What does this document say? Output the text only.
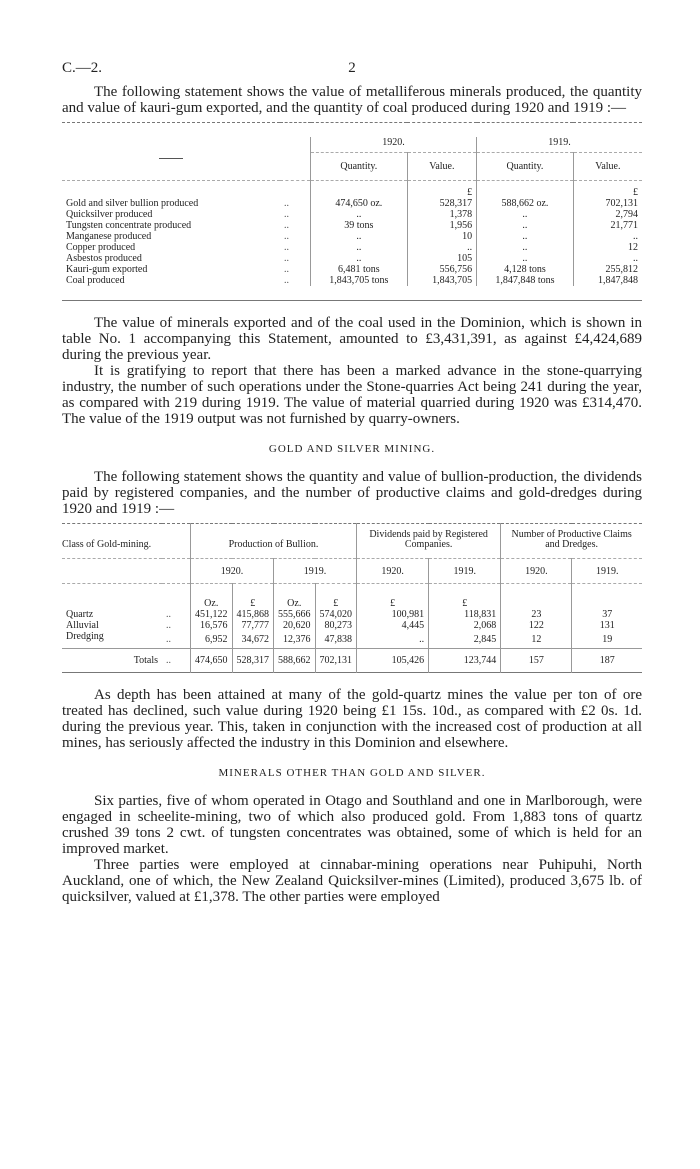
C.—2.	2

The following statement shows the value of metalliferous minerals produced, the quantity and value of kauri-gum exported, and the quantity of coal produced during 1920 and 1919 :—

		1920.		1919.	
		Quantity.	Value.	Quantity.	Value.
			£		£
Gold and silver bullion produced	..	474,650 oz.	528,317	588,662 oz.	702,131
Quicksilver produced	..	..	1,378	..	2,794
Tungsten concentrate produced	..	39 tons	1,956	..	21,771
Manganese produced	..	..	10	..	..
Copper produced	..	..	..	..	12
Asbestos produced	..	..	105	..	..
Kauri-gum exported	..	6,481 tons	556,756	4,128 tons	255,812
Coal produced	..	1,843,705 tons	1,843,705	1,847,848 tons	1,847,848

The value of minerals exported and of the coal used in the Dominion, which is shown in table No. 1 accompanying this Statement, amounted to £3,431,391, as against £4,424,689 during the previous year.

It is gratifying to report that there has been a marked advance in the stone-quarrying industry, the number of such operations under the Stone-quarries Act being 241 during the year, as compared with 219 during 1919. The value of material quarried during 1920 was £314,470. The value of the 1919 output was not furnished by quarry-owners.

GOLD AND SILVER MINING.

The following statement shows the quantity and value of bullion-production, the dividends paid by registered companies, and the number of productive claims and gold-dredges during 1920 and 1919 :—

Class of Gold-mining.		Production of Bullion.				Dividends paid by Registered Companies.		Number of Productive Claims and Dredges.	

		1920.		1919.		1920.	1919.	1920.	1919.
		Oz.	£	Oz.	£	£	£		
Quartz	..	451,122	415,868	555,666	574,020	100,981	118,831	23	37
Alluvial	..	16,576	77,777	20,620	80,273	4,445	2,068	122	131
Dredging	..	6,952	34,672	12,376	47,838	..	2,845	12	19
Totals	..	474,650	528,317	588,662	702,131	105,426	123,744	157	187

As depth has been attained at many of the gold-quartz mines the value per ton of ore treated has declined, such value during 1920 being £1 15s. 10d., as compared with £2 0s. 1d. during the previous year. This, taken in conjunction with the increased cost of production at all mines, has seriously affected the industry in this Dominion and elsewhere.

MINERALS OTHER THAN GOLD AND SILVER.

Six parties, five of whom operated in Otago and Southland and one in Marlborough, were engaged in scheelite-mining, two of which also produced gold. From 1,883 tons of quartz crushed 39 tons 2 cwt. of tungsten concentrates was obtained, some of which is held for an improved market.

Three parties were employed at cinnabar-mining operations near Puhipuhi, North Auckland, one of which, the New Zealand Quicksilver-mines (Limited), produced 3,675 lb. of quicksilver, valued at £1,378. The other parties were employed
